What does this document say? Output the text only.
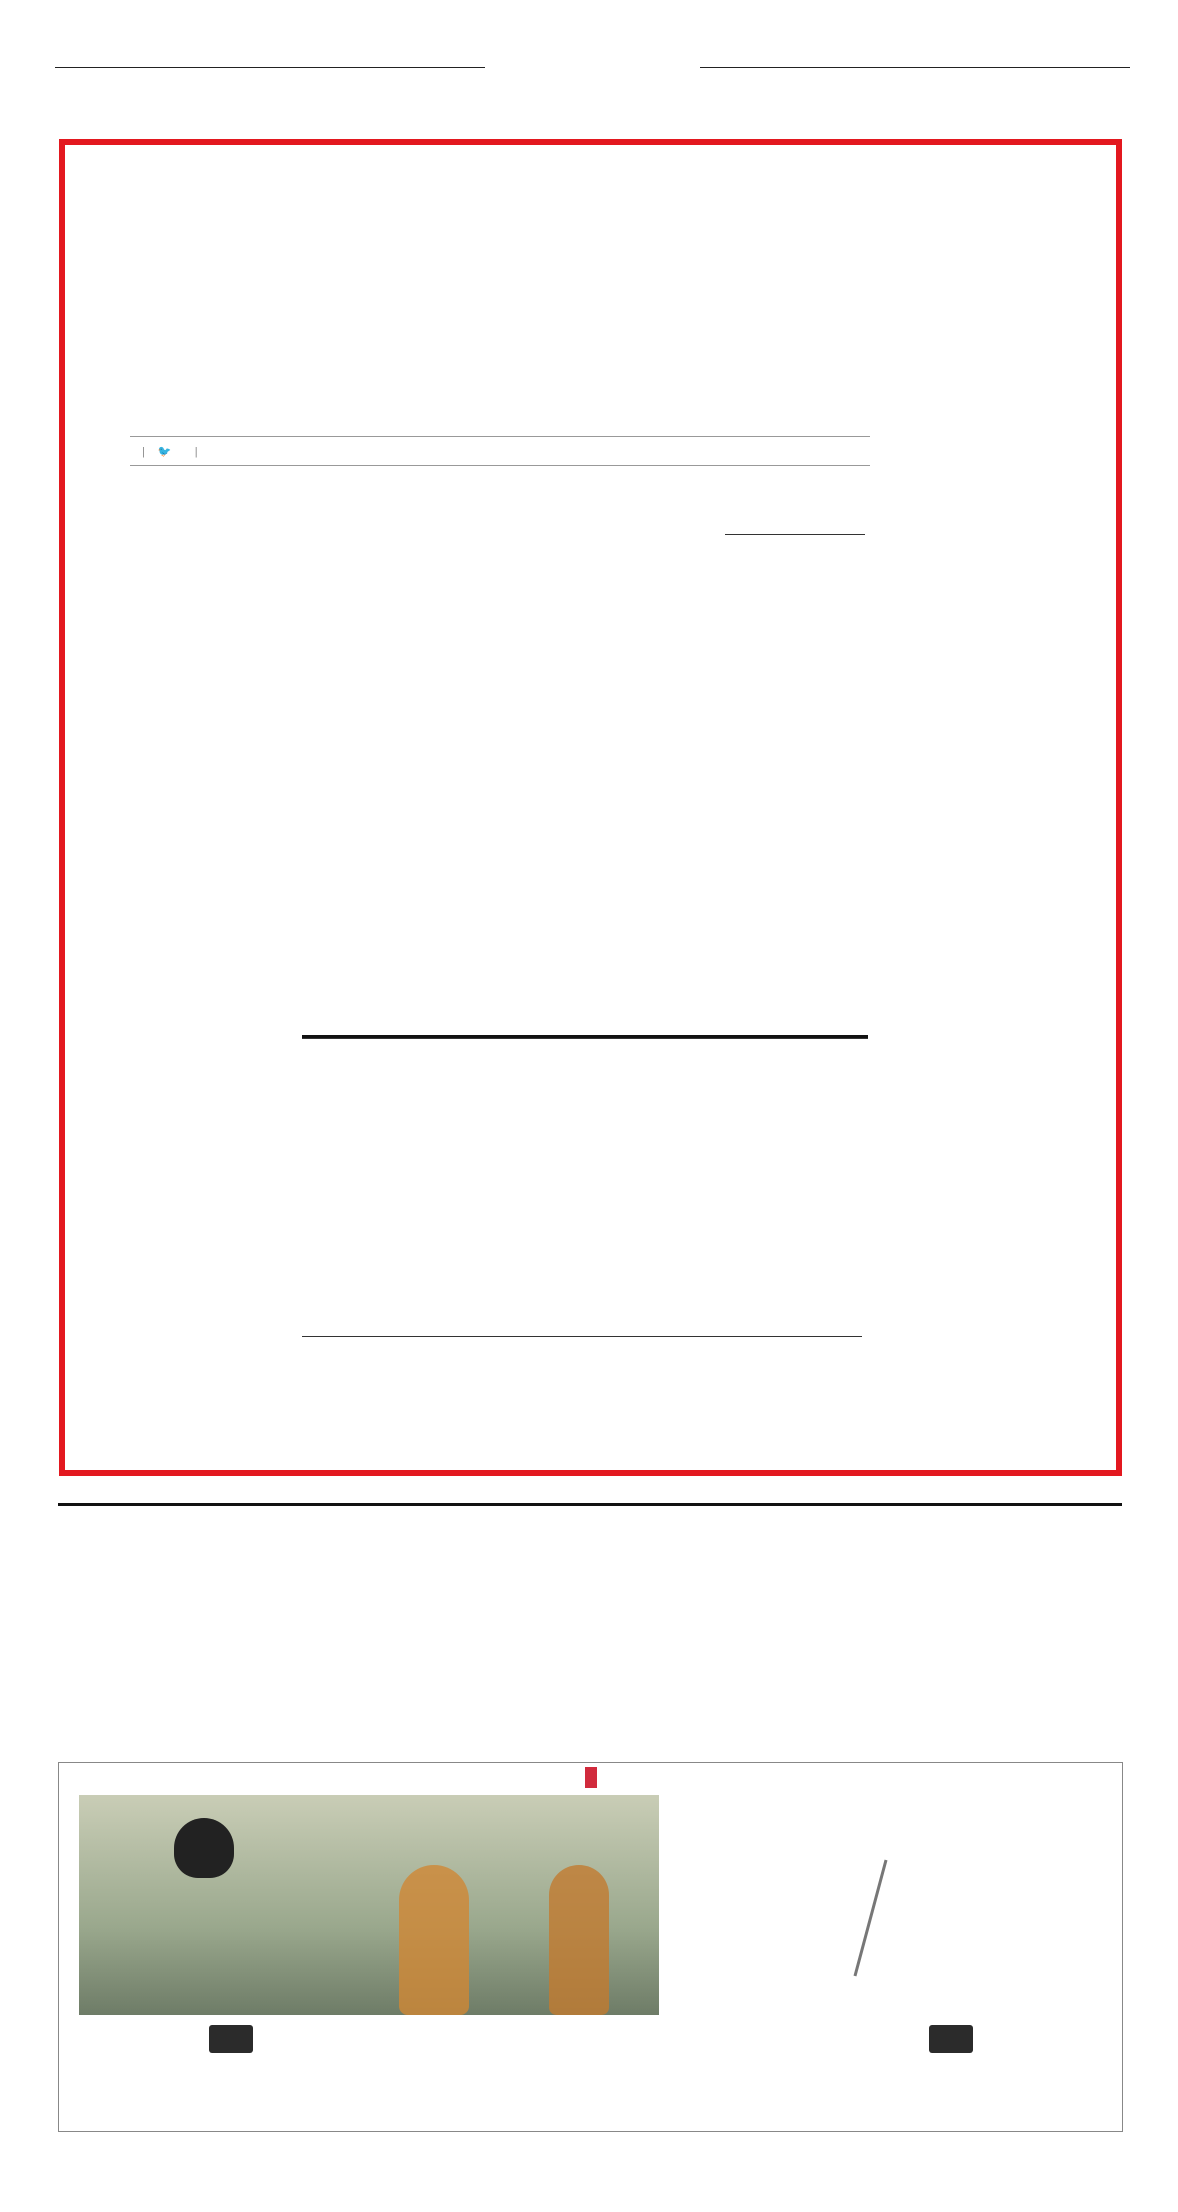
| 🐦 |
